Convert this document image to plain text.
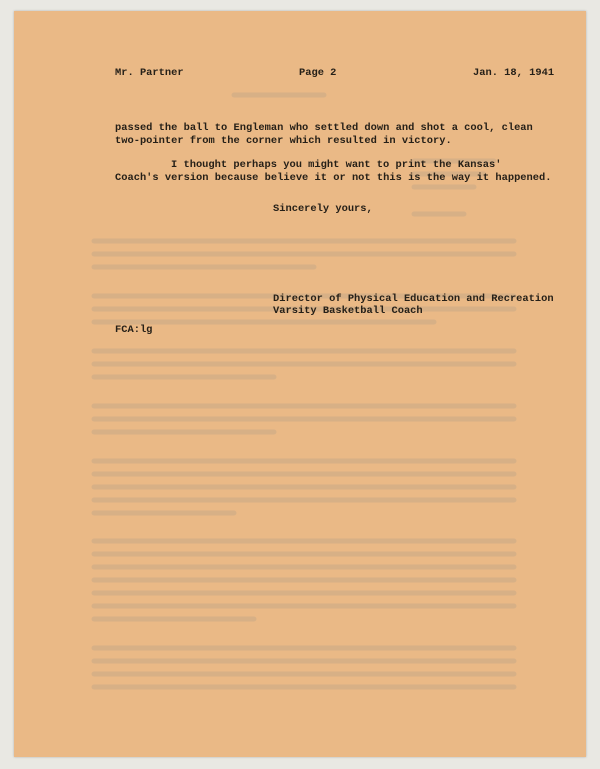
Mr. Partner	Page 2	Jan. 18, 1941

passed the ball to Engleman who settled down and shot a cool, clean

two-pointer from the corner which resulted in victory.

I thought perhaps you might want to print the Kansas'

Coach's version because believe it or not this is the way it happened.

Sincerely yours,

Director of Physical Education and Recreation

Varsity Basketball Coach

FCA:lg
